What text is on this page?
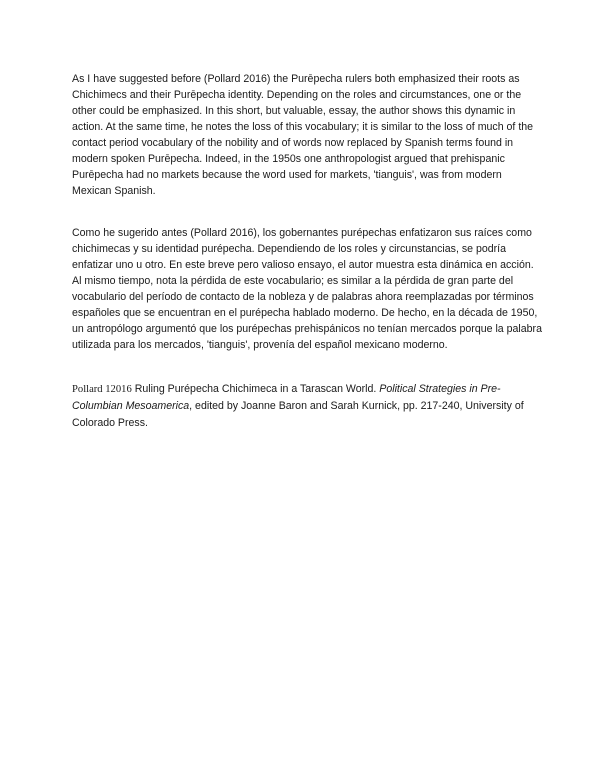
As I have suggested before (Pollard 2016) the Purēpecha rulers both emphasized their roots as Chichimecs and their Purēpecha identity. Depending on the roles and circumstances, one or the other could be emphasized. In this short, but valuable, essay, the author shows this dynamic in action. At the same time, he notes the loss of this vocabulary; it is similar to the loss of much of the contact period vocabulary of the nobility and of words now replaced by Spanish terms found in modern spoken Purēpecha. Indeed, in the 1950s one anthropologist argued that prehispanic Purēpecha had no markets because the word used for markets, 'tianguis', was from modern Mexican Spanish.

Como he sugerido antes (Pollard 2016), los gobernantes purépechas enfatizaron sus raíces como chichimecas y su identidad purépecha. Dependiendo de los roles y circunstancias, se podría enfatizar uno u otro. En este breve pero valioso ensayo, el autor muestra esta dinámica en acción. Al mismo tiempo, nota la pérdida de este vocabulario; es similar a la pérdida de gran parte del vocabulario del período de contacto de la nobleza y de palabras ahora reemplazadas por términos españoles que se encuentran en el purépecha hablado moderno. De hecho, en la década de 1950, un antropólogo argumentó que los purépechas prehispánicos no tenían mercados porque la palabra utilizada para los mercados, 'tianguis', provenía del español mexicano moderno.

Pollard 12016 Ruling Purépecha Chichimeca in a Tarascan World. Political Strategies in Pre-Columbian Mesoamerica, edited by Joanne Baron and Sarah Kurnick, pp. 217-240, University of Colorado Press.
